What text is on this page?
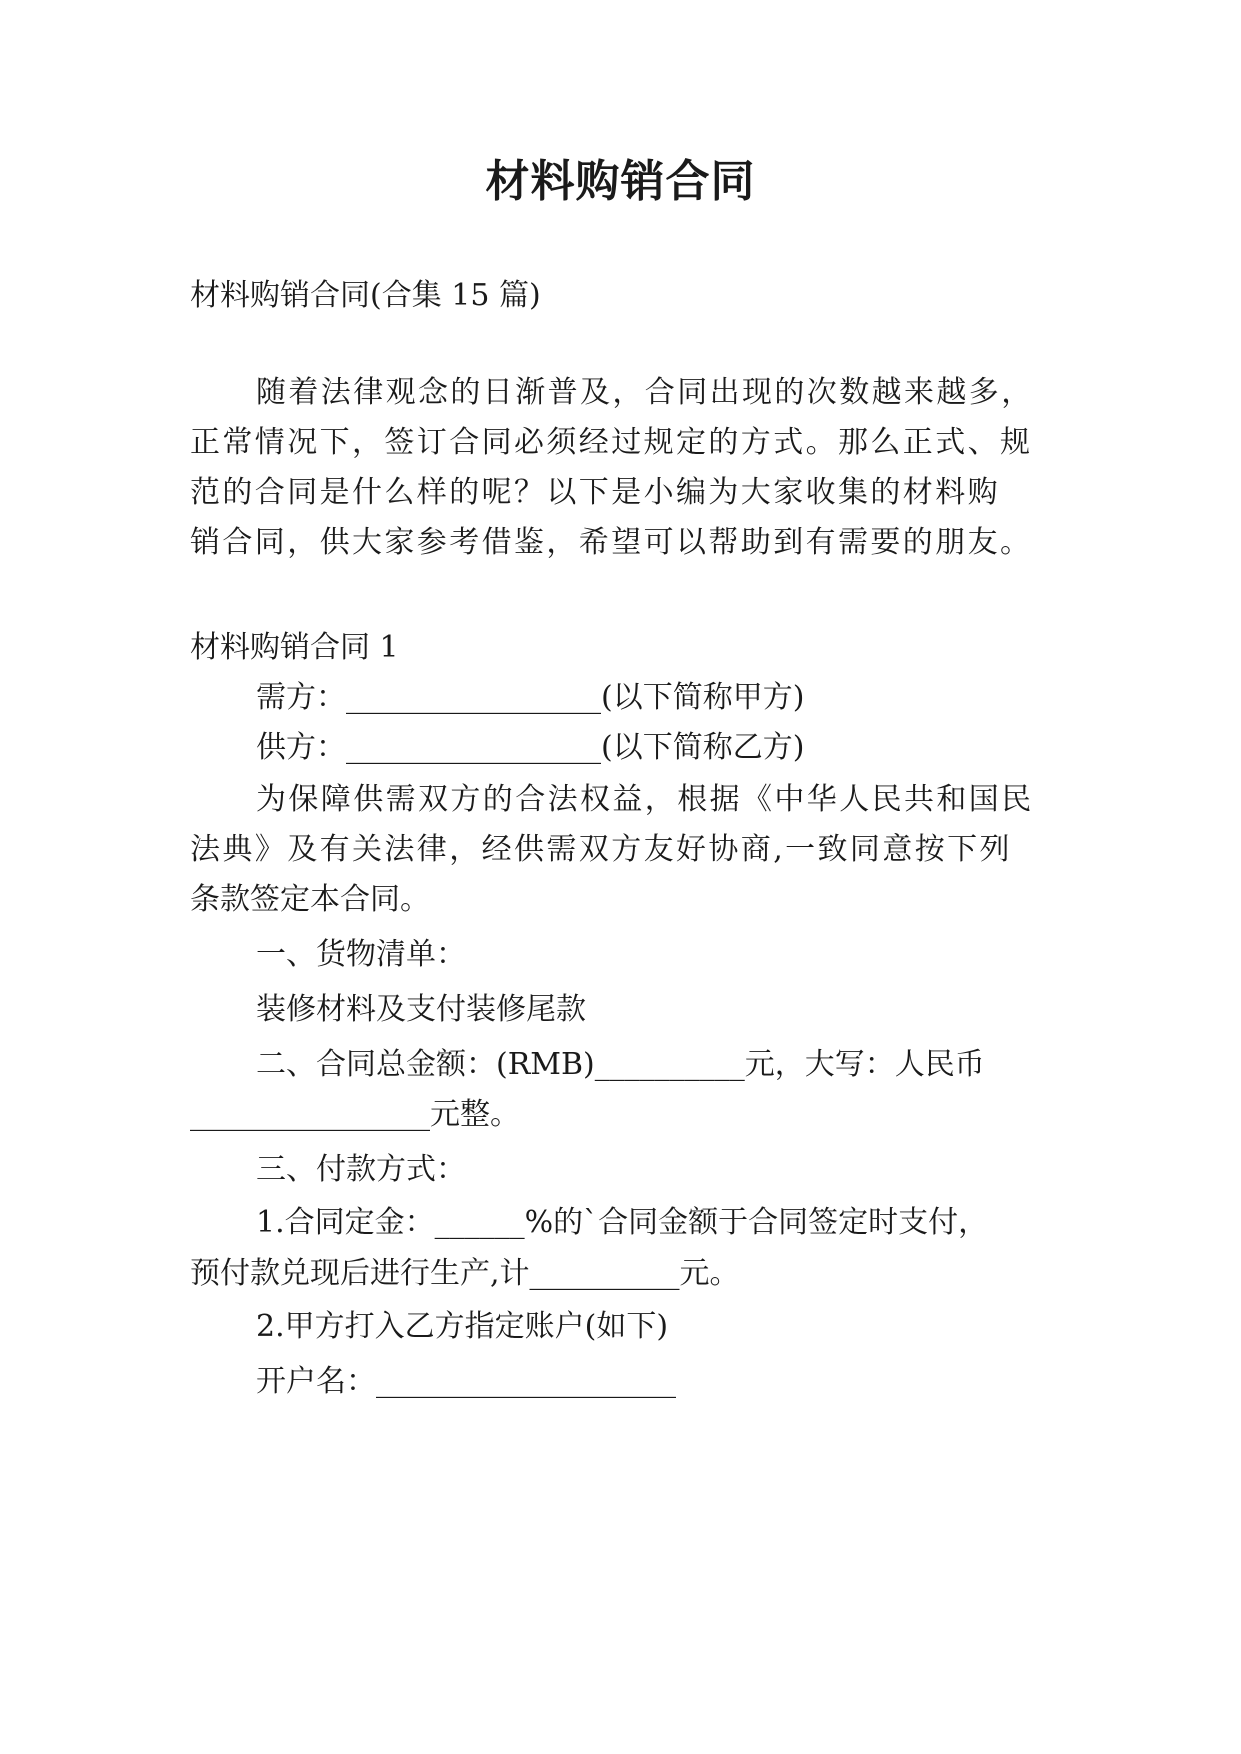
材料购销合同

材料购销合同(合集 15 篇)

随着法律观念的日渐普及，合同出现的次数越来越多，

正常情况下，签订合同必须经过规定的方式。那么正式、规

范的合同是什么样的呢？以下是小编为大家收集的材料购

销合同，供大家参考借鉴，希望可以帮助到有需要的朋友。

材料购销合同 1

需方：_________________(以下简称甲方)

供方：_________________(以下简称乙方)

为保障供需双方的合法权益，根据《中华人民共和国民

法典》及有关法律，经供需双方友好协商,一致同意按下列

条款签定本合同。

一、货物清单：

装修材料及支付装修尾款

二、合同总金额：(RMB)__________元，大写：人民币

________________元整。

三、付款方式：

1.合同定金：______%的`合同金额于合同签定时支付，

预付款兑现后进行生产,计__________元。

2.甲方打入乙方指定账户(如下)

开户名：____________________
